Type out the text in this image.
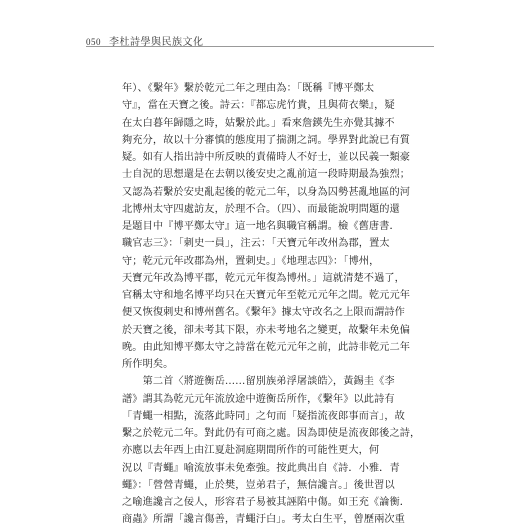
050 李杜詩學與民族文化
年）、《繫年》繫於乾元二年之理由為：「既稱『博平鄭太
守』，當在天寶之後。詩云：『都忘虎竹貴，且與荷衣樂』，疑
在太白暮年歸隱之時，姑繫於此。」看來詹鍈先生亦覺其據不
夠充分，故以十分審慎的態度用了揣測之詞。學界對此說已有質
疑。如有人指出詩中所反映的責備時人不好士，並以民義一類豪
士自況的思想還是在去朝以後安史之亂前這一段時期最為強烈；
又認為若繫於安史亂起後的乾元二年，以身為囚勢甚亂地區的河
北博州太守四處訪友，於理不合。（四）、而最能說明問題的還
是題目中『博平鄭太守』這一地名與職官稱謂。檢《舊唐書．
職官志三》：「刺史一員」，注云：「天寶元年改州為郡，置太
守；乾元元年改郡為州，置刺史。」《地理志四》：「博州，
天寶元年改為博平郡，乾元元年復為博州。」這就清楚不過了，
官稱太守和地名博平均只在天寶元年至乾元元年之間。乾元元年
便又恢復刺史和博州舊名。《繫年》據太守改名之上限而謂詩作
於天寶之後，卻未考其下限，亦未考地名之變更，故繫年未免偏
晚。由此知博平鄭太守之詩當在乾元元年之前，此詩非乾元二年
所作明矣。
　　第二首〈將遊衡岳……留別族弟浮屠談皓〉，黃錫圭《李
譜》謂其為乾元元年流放途中遊衡岳所作，《繫年》以此詩有
「青蠅一相點，流落此時同」之句而「疑指流夜郎事而言」，故
繫之於乾元二年。對此仍有可商之處。因為即使是流夜郎後之詩，
亦應以去年西上由江夏赴洞庭期間所作的可能性更大，何
況以『青蠅』喻流放事未免牽強。按此典出自《詩．小雅．青
蠅》：「營營青蠅，止於樊，豈弟君子，無信讒言。」後世習以
之喻進讒言之佞人，形容君子易被其誣陷中傷。如王充《論衡．
商蟲》所謂「讒言傷善，青蠅汙白」。考太白生平，曾歷兩次重
